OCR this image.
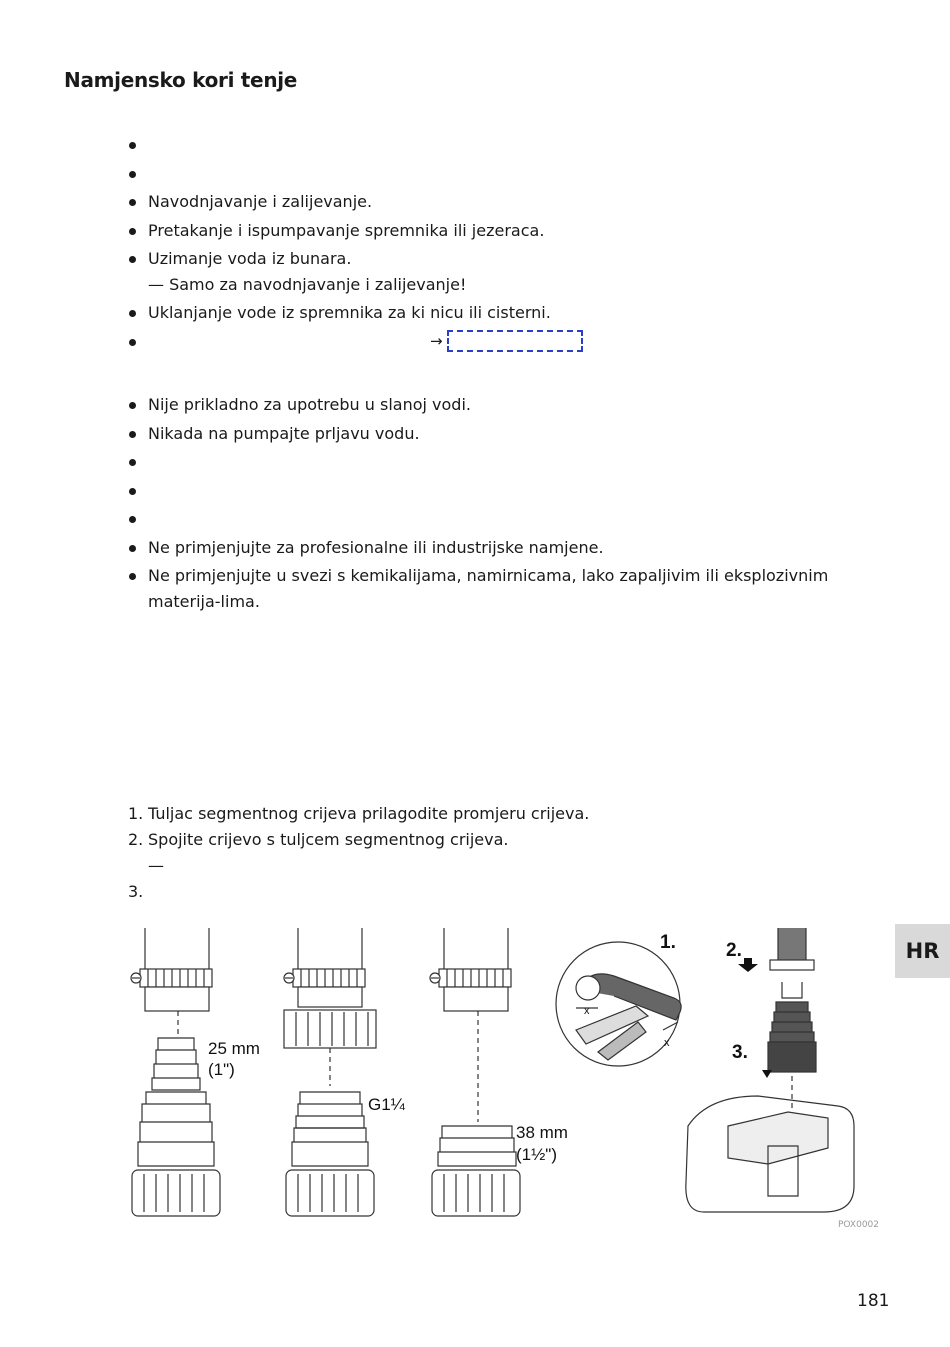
Namjensko kori tenje
Navodnjavanje i zalijevanje.
Pretakanje i ispumpavanje spremnika ili jezeraca.
Uzimanje voda iz bunara.
Uklanjanje vode iz spremnika za ki nicu ili cisterni.
— Samo za navodnjavanje i zalijevanje!
→
Nije prikladno za upotrebu u slanoj vodi.
Nikada na pumpajte prljavu vodu.
Ne primjenjujte za profesionalne ili industrijske namjene.
Ne primjenjujte u svezi s kemikalijama, namirnicama, lako zapaljivim ili eksplozivnim materija-lima.
1. Tuljac segmentnog crijeva prilagodite promjeru crijeva.
2. Spojite crijevo s tuljcem segmentnog crijeva.
—
3.
HR
25 mm
(1")
G1¼
38 mm
(1½")
1.	2.
3.
x
x
POX0002
181
